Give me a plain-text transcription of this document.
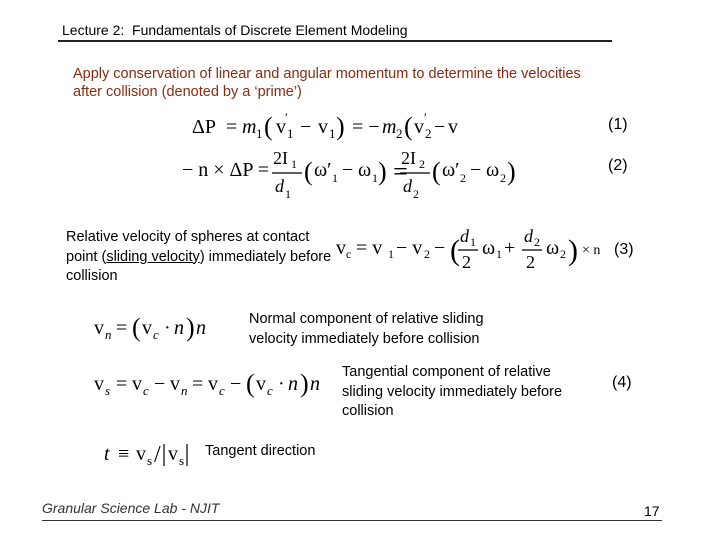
Lecture 2: Fundamentals of Discrete Element Modeling
Apply conservation of linear and angular momentum to determine the velocities after collision (denoted by a ‘prime’)
ΔP = m 1 ( v ′
1 − v 1 ) = − m 2 ( v ′
2 − v	(1)
− n × ΔP =
2I 1
d 1
( ω′ 1 − ω 1 ) =
2I 2
d 2
( ω′ 2 − ω 2 )	(2)
Relative velocity of spheres at contact point (sliding velocity) immediately before collision
v c = v 1 − v 2 − ( d 1
2
ω 1 +
d 2
2
ω 2 ) × n (3)
v n = ( v c · n ) n	Normal component of relative sliding velocity immediately before collision
v s = v c − v n = v c − ( v c · n ) n
Tangential component of relative sliding velocity immediately before collision
(4)
t ≡ v s / v s
Tangent direction
Granular Science Lab - NJIT	17
